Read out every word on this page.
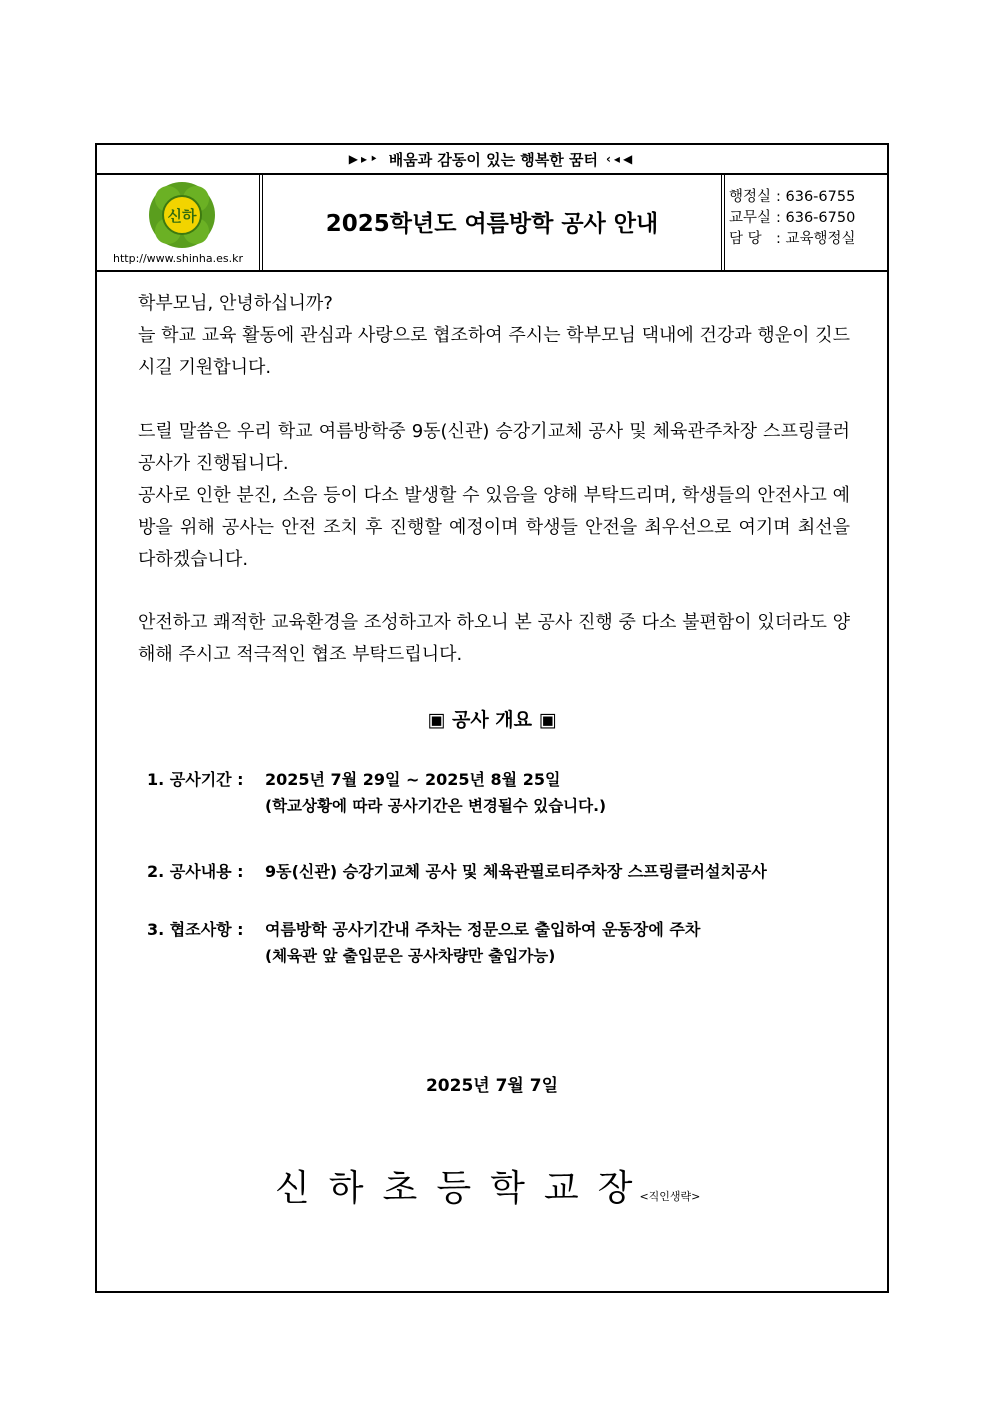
▶▸‣ 배움과 감동이 있는 행복한 꿈터 ‹◂◀
신하
http://www.shinha.es.kr
2025학년도 여름방학 공사 안내
행정실 : 636-6755
교무실 : 636-6750
담 당 : 교육행정실

학부모님, 안녕하십니까?

늘 학교 교육 활동에 관심과 사랑으로 협조하여 주시는 학부모님 댁내에 건강과 행운이 깃드시길 기원합니다.

드릴 말씀은 우리 학교 여름방학중 9동(신관) 승강기교체 공사 및 체육관주차장 스프링클러 공사가 진행됩니다.

공사로 인한 분진, 소음 등이 다소 발생할 수 있음을 양해 부탁드리며, 학생들의 안전사고 예방을 위해 공사는 안전 조치 후 진행할 예정이며 학생들 안전을 최우선으로 여기며 최선을 다하겠습니다.

안전하고 쾌적한 교육환경을 조성하고자 하오니 본 공사 진행 중 다소 불편함이 있더라도 양해해 주시고 적극적인 협조 부탁드립니다.

▣ 공사 개요 ▣
1. 공사기간 : 2025년 7월 29일 ~ 2025년 8월 25일
(학교상황에 따라 공사기간은 변경될수 있습니다.)
2. 공사내용 : 9동(신관) 승강기교체 공사 및 체육관필로티주차장 스프링클러설치공사
3. 협조사항 : 여름방학 공사기간내 주차는 정문으로 출입하여 운동장에 주차
(체육관 앞 출입문은 공사차량만 출입가능)
2025년 7월 7일
신하초등학교장<직인생략>
